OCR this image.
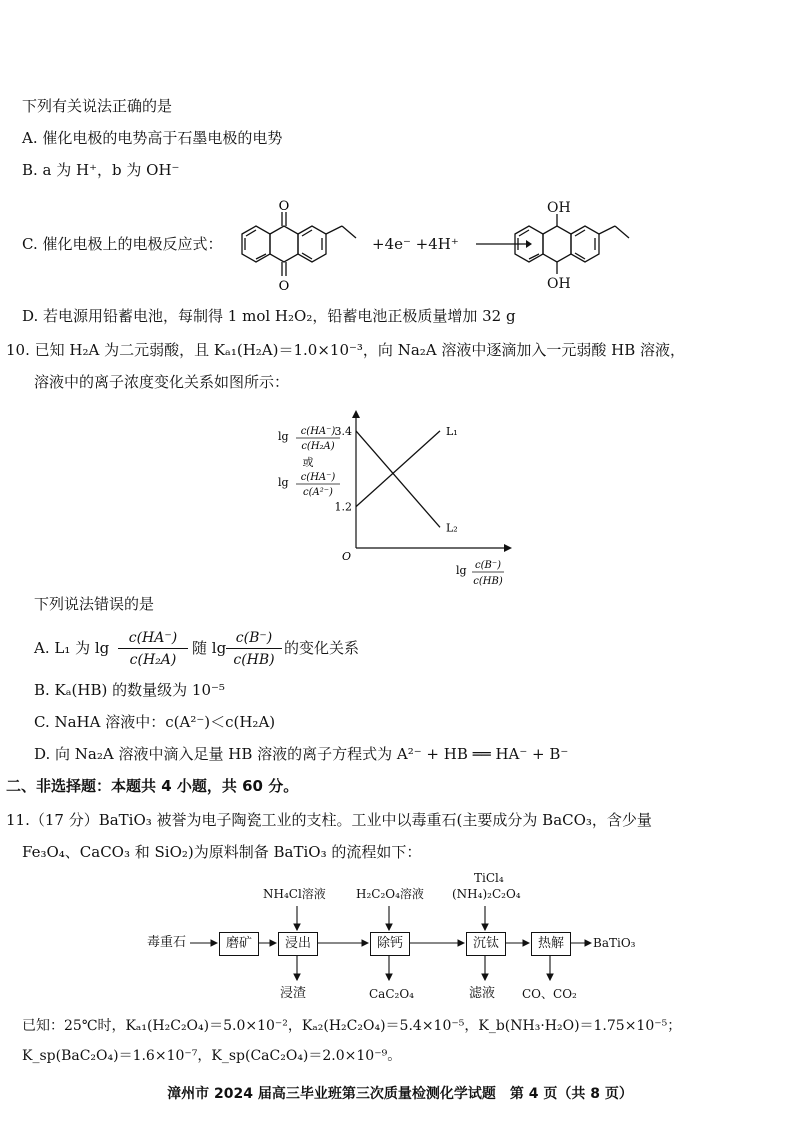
下列有关说法正确的是
A. 催化电极的电势高于石墨电极的电势
B. a 为 H⁺，b 为 OH⁻
C. 催化电极上的电极反应式：
O
O
+4e⁻ +4H⁺ →
OH
OH
D. 若电源用铅蓄电池，每制得 1 mol H₂O₂，铅蓄电池正极质量增加 32 g
10. 已知 H₂A 为二元弱酸，且 Kₐ₁(H₂A)＝1.0×10⁻³，向 Na₂A 溶液中逐滴加入一元弱酸 HB 溶液，
溶液中的离子浓度变化关系如图所示：
lg c(HA⁻)
c(H₂A)
或
lg c(HA⁻)
c(A²⁻)
O
lg c(B⁻)
c(HB)
L₁
L₂
3.4
1.2
下列说法错误的是
A. L₁ 为 lg
c(HA⁻)
c(H₂A)
随 lg
c(B⁻)
c(HB)
的变化关系
B. Kₐ(HB) 的数量级为 10⁻⁵
C. NaHA 溶液中：c(A²⁻)＜c(H₂A)
D. 向 Na₂A 溶液中滴入足量 HB 溶液的离子方程式为 A²⁻ + HB ══ HA⁻ + B⁻
二、非选择题：本题共 4 小题，共 60 分。
11.（17 分）BaTiO₃ 被誉为电子陶瓷工业的支柱。工业中以毒重石(主要成分为 BaCO₃，含少量
Fe₃O₄、CaCO₃ 和 SiO₂)为原料制备 BaTiO₃ 的流程如下：
毒重石	磨矿	浸出	除钙	沉钛	热解	BaTiO₃
NH₄Cl溶液	H₂C₂O₄溶液
TiCl₄
(NH₄)₂C₂O₄
浸渣	CaC₂O₄	滤液 CO、CO₂
已知：25℃时，Kₐ₁(H₂C₂O₄)＝5.0×10⁻²，Kₐ₂(H₂C₂O₄)＝5.4×10⁻⁵，K_b(NH₃·H₂O)＝1.75×10⁻⁵；
K_sp(BaC₂O₄)＝1.6×10⁻⁷，K_sp(CaC₂O₄)＝2.0×10⁻⁹。
漳州市 2024 届高三毕业班第三次质量检测化学试题　第 4 页（共 8 页）
